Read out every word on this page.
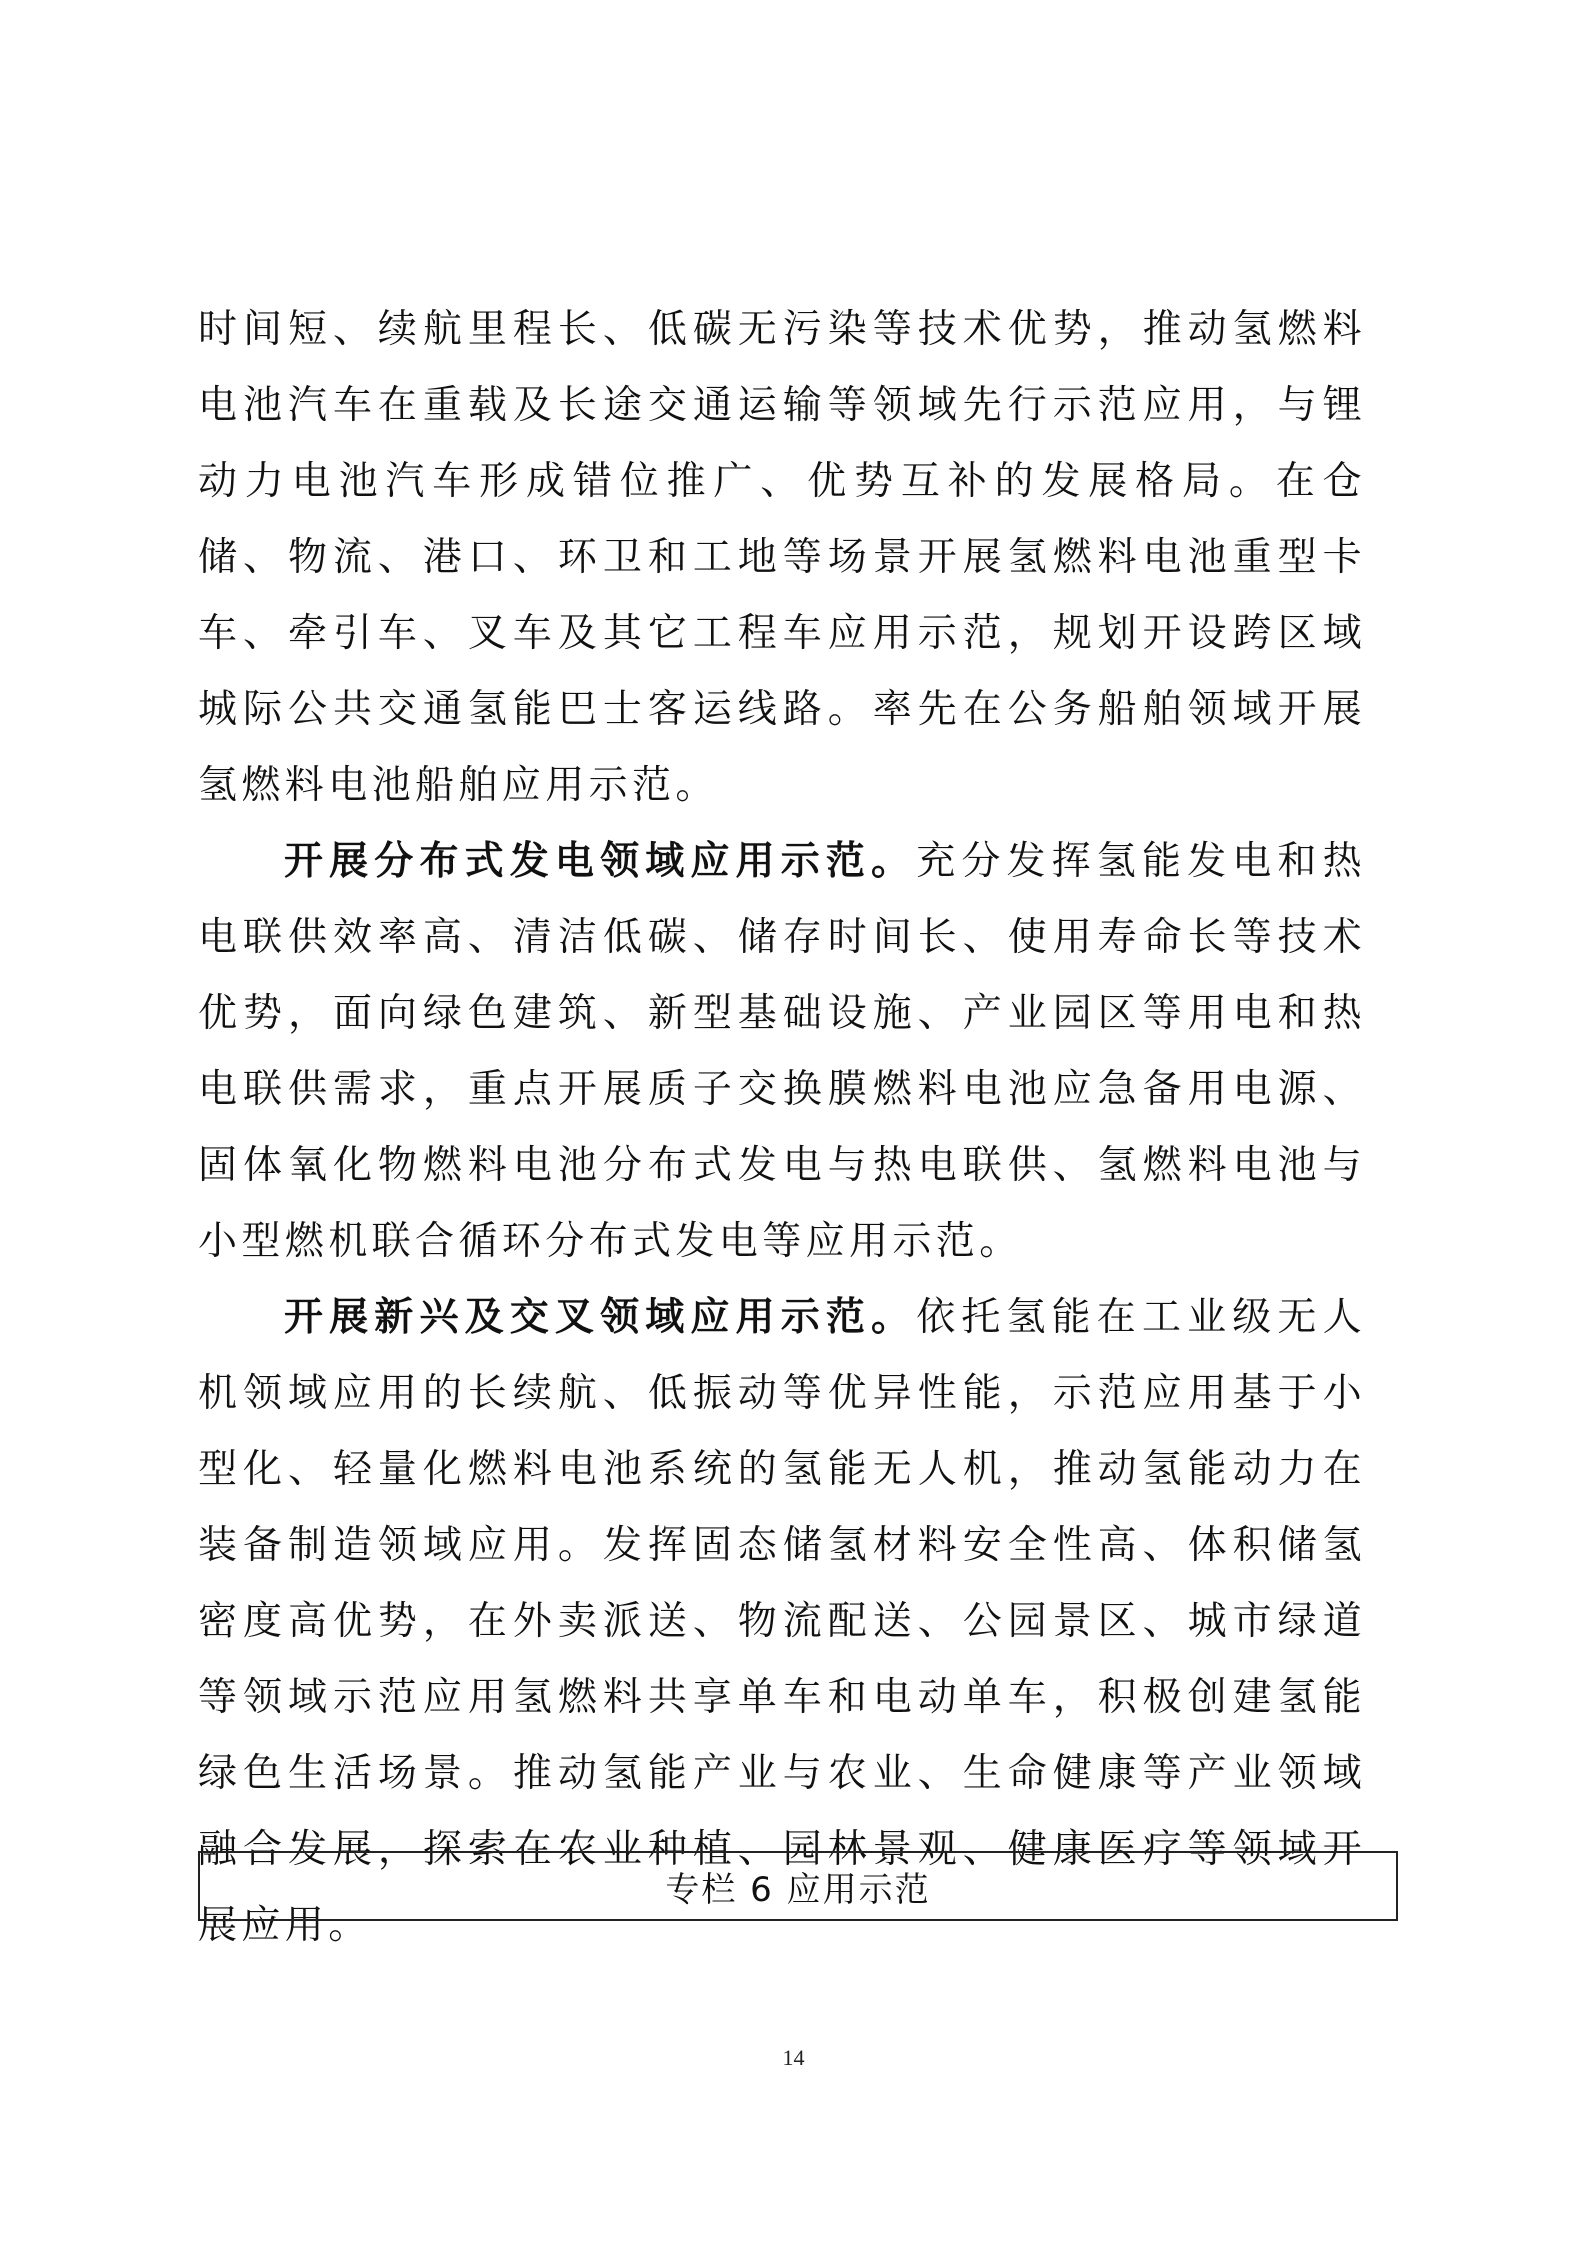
时间短、续航里程长、低碳无污染等技术优势，推动氢燃料电池汽车在重载及长途交通运输等领域先行示范应用，与锂动力电池汽车形成错位推广、优势互补的发展格局。在仓储、物流、港口、环卫和工地等场景开展氢燃料电池重型卡车、牵引车、叉车及其它工程车应用示范，规划开设跨区域城际公共交通氢能巴士客运线路。率先在公务船舶领域开展氢燃料电池船舶应用示范。

开展分布式发电领域应用示范。充分发挥氢能发电和热电联供效率高、清洁低碳、储存时间长、使用寿命长等技术优势，面向绿色建筑、新型基础设施、产业园区等用电和热电联供需求，重点开展质子交换膜燃料电池应急备用电源、固体氧化物燃料电池分布式发电与热电联供、氢燃料电池与小型燃机联合循环分布式发电等应用示范。

开展新兴及交叉领域应用示范。依托氢能在工业级无人机领域应用的长续航、低振动等优异性能，示范应用基于小型化、轻量化燃料电池系统的氢能无人机，推动氢能动力在装备制造领域应用。发挥固态储氢材料安全性高、体积储氢密度高优势，在外卖派送、物流配送、公园景区、城市绿道等领域示范应用氢燃料共享单车和电动单车，积极创建氢能绿色生活场景。推动氢能产业与农业、生命健康等产业领域融合发展，探索在农业种植、园林景观、健康医疗等领域开展应用。

专栏 6 应用示范
14
